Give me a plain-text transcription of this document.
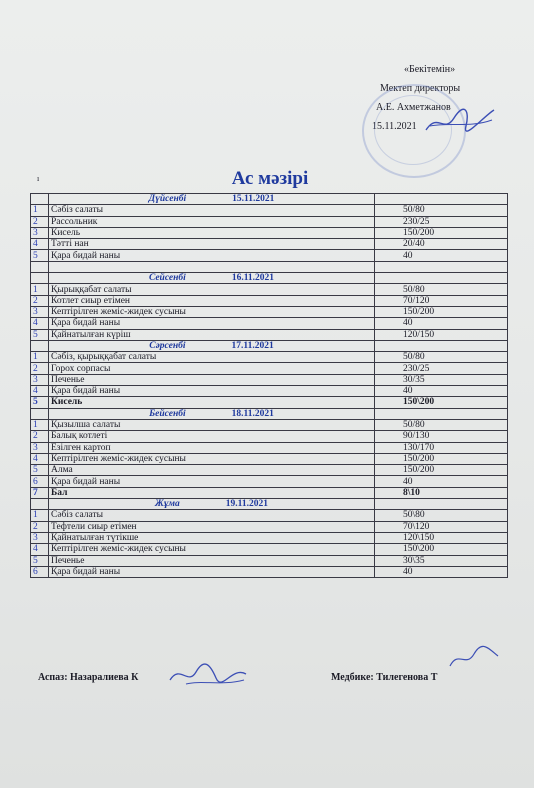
«Бекітемін»
Мектеп директоры
А.Е. Ахметжанов
15.11.2021
ı	Ас мәзірі
	Дүйсенбі 15.11.2021	
1	Сәбіз салаты	50/80
2	Рассольник	230/25
3	Кисель	150/200
4	Тәтті нан	20/40
5	Қара бидай наны	40

	Сейсенбі 16.11.2021	
1	Қырыққабат салаты	50/80
2	Котлет сиыр етімен	70/120
3	Кептірілген жеміс-жидек сусыны	150/200
4	Қара бидай наны	40
5	Қайнатылған күріш	120/150
	Сәрсенбі 17.11.2021	
1	Сәбіз, қырыққабат салаты	50/80
2	Горох сорпасы	230/25
3	Печенье	30/35
4	Қара бидай наны	40
5	Кисель	150\200
	Бейсенбі 18.11.2021	
1	Қызылша салаты	50/80
2	Балық котлеті	90/130
3	Езілген картоп	130/170
4	Кептірілген жеміс-жидек сусыны	150/200
5	Алма	150/200
6	Қара бидай наны	40
7	Бал	8\10
	Жұма 19.11.2021	
1	Сәбіз салаты	50\80
2	Тефтели сиыр етімен	70\120
3	Қайнатылған түтікше	120\150
4	Кептірілген жеміс-жидек сусыны	150\200
5	Печенье	30\35
6	Қара бидай наны	40
Аспаз: Назаралиева К	Медбике: Тилегенова Т
